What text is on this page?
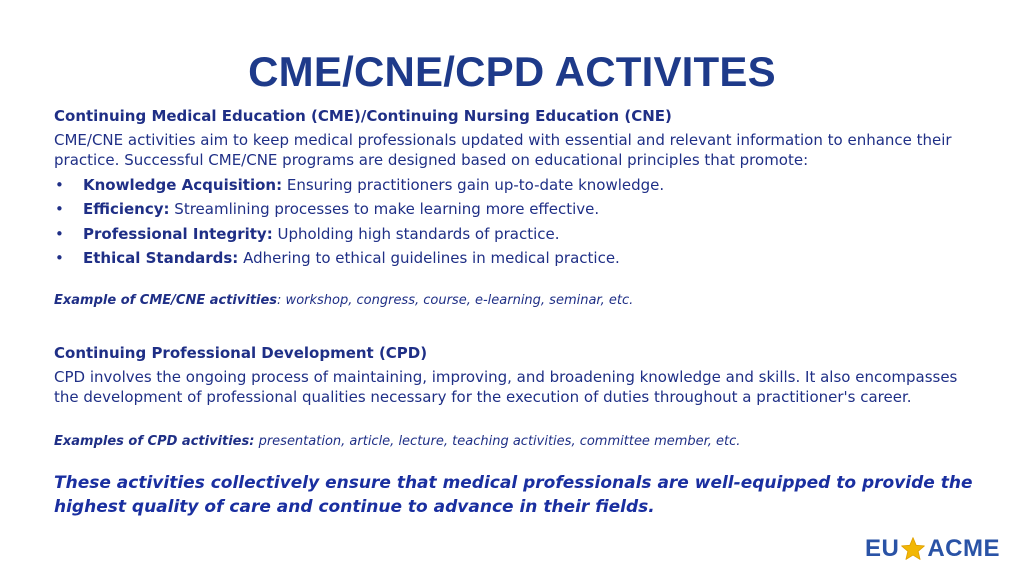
CME/CNE/CPD ACTIVITES

Continuing Medical Education (CME)/Continuing Nursing Education (CNE)

CME/CNE activities aim to keep medical professionals updated with essential and relevant information to enhance their practice. Successful CME/CNE programs are designed based on educational principles that promote:

• Knowledge Acquisition: Ensuring practitioners gain up-to-date knowledge.
• Efficiency: Streamlining processes to make learning more effective.
• Professional Integrity: Upholding high standards of practice.
• Ethical Standards: Adhering to ethical guidelines in medical practice.

Example of CME/CNE activities: workshop, congress, course, e-learning, seminar, etc.

Continuing Professional Development (CPD)

CPD involves the ongoing process of maintaining, improving, and broadening knowledge and skills. It also encompasses the development of professional qualities necessary for the execution of duties throughout a practitioner's career.

Examples of CPD activities: presentation, article, lecture, teaching activities, committee member, etc.

These activities collectively ensure that medical professionals are well-equipped to provide the highest quality of care and continue to advance in their fields.

EU ACME
